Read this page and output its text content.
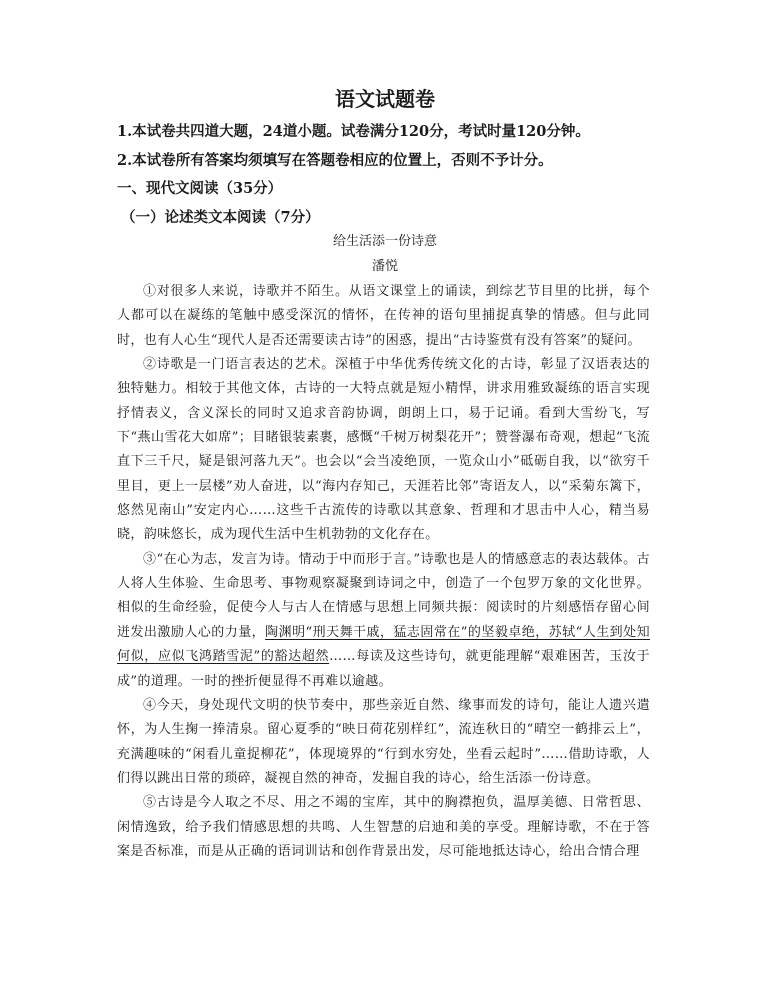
语文试题卷
1.本试卷共四道大题，24道小题。试卷满分120分，考试时量120分钟。
2.本试卷所有答案均须填写在答题卷相应的位置上，否则不予计分。
一、现代文阅读（35分）
（一）论述类文本阅读（7分）
给生活添一份诗意
潘悦

①对很多人来说，诗歌并不陌生。从语文课堂上的诵读，到综艺节目里的比拼，每个人都可以在凝练的笔触中感受深沉的情怀，在传神的语句里捕捉真挚的情感。但与此同时，也有人心生“现代人是否还需要读古诗”的困惑，提出“古诗鉴赏有没有答案”的疑问。

②诗歌是一门语言表达的艺术。深植于中华优秀传统文化的古诗，彰显了汉语表达的独特魅力。相较于其他文体，古诗的一大特点就是短小精悍，讲求用雅致凝练的语言实现抒情表义，含义深长的同时又追求音韵协调，朗朗上口，易于记诵。看到大雪纷飞，写下“燕山雪花大如席”；目睹银装素裹，感慨“千树万树梨花开”；赞誉瀑布奇观，想起“飞流直下三千尺，疑是银河落九天”。也会以“会当凌绝顶，一览众山小”砥砺自我，以“欲穷千里目，更上一层楼”劝人奋进，以“海内存知己，天涯若比邻”寄语友人，以“采菊东篱下，悠然见南山”安定内心……这些千古流传的诗歌以其意象、哲理和才思击中人心，精当易晓，韵味悠长，成为现代生活中生机勃勃的文化存在。

③“在心为志，发言为诗。情动于中而形于言。”诗歌也是人的情感意志的表达载体。古人将人生体验、生命思考、事物观察凝聚到诗词之中，创造了一个包罗万象的文化世界。相似的生命经验，促使今人与古人在情感与思想上同频共振：阅读时的片刻感悟存留心间迸发出激励人心的力量，陶渊明“刑天舞干戚，猛志固常在”的坚毅卓绝，苏轼“人生到处知何似，应似飞鸿踏雪泥”的豁达超然……每读及这些诗句，就更能理解“艰难困苦，玉汝于成”的道理。一时的挫折便显得不再难以逾越。

④今天，身处现代文明的快节奏中，那些亲近自然、缘事而发的诗句，能让人遗兴遣怀，为人生掬一捧清泉。留心夏季的“映日荷花别样红”，流连秋日的“晴空一鹤排云上”，充满趣味的“闲看儿童捉柳花”，体现境界的“行到水穷处，坐看云起时”……借助诗歌，人们得以跳出日常的琐碎，凝视自然的神奇，发掘自我的诗心，给生活添一份诗意。

⑤古诗是今人取之不尽、用之不竭的宝库，其中的胸襟抱负，温厚美德、日常哲思、闲情逸致，给予我们情感思想的共鸣、人生智慧的启迪和美的享受。理解诗歌，不在于答案是否标准，而是从正确的语词训诂和创作背景出发，尽可能地抵达诗心，给出合情合理
